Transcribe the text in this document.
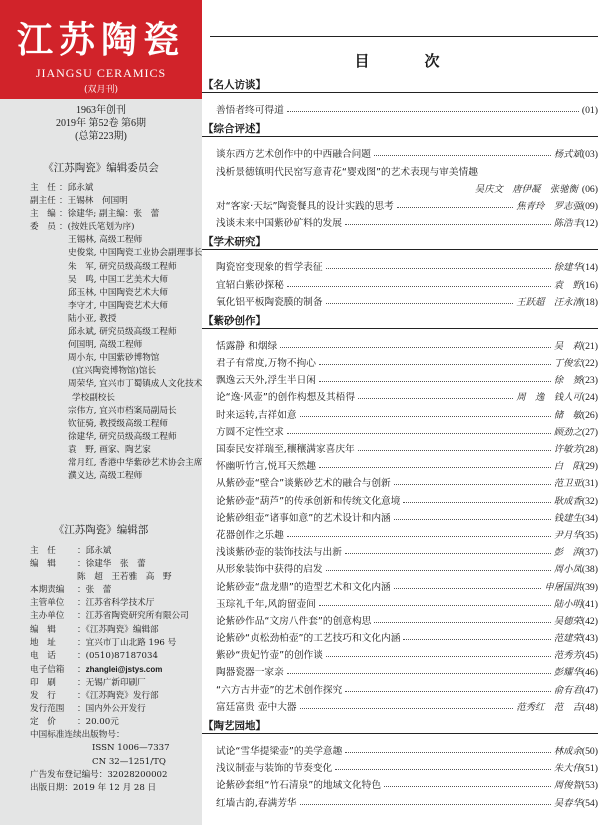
江苏陶瓷
JIANGSU CERAMICS
(双月刊)
1963年创刊
2019年 第52卷 第6期
(总第223期)
《江苏陶瓷》编辑委员会
主　任 ：邱永斌
副主任 ：王锡林　何国明
主　编 ：徐建华; 副主编：张　蕾
委　员 ：(按姓氏笔划为序)
王锡林, 高级工程师
史俊棠, 中国陶瓷工业协会副理事长
朱　军, 研究员级高级工程师
吴　鸣, 中国工艺美术大师
邱玉林, 中国陶瓷艺术大师
李守才, 中国陶瓷艺术大师
陆小亚, 教授
邱永斌, 研究员级高级工程师
何国明, 高级工程师
周小东, 中国紫砂博物馆
(宜兴陶瓷博物馆)馆长
周荣华, 宜兴市丁蜀镇成人文化技术
学校副校长
宗伟方, 宜兴市档案局副局长
钦征骑, 教授级高级工程师
徐建华, 研究员级高级工程师
袁　野, 画家、陶艺家
常月红, 香港中华紫砂艺术协会主席
濮义达, 高级工程师
《江苏陶瓷》编辑部
主　任 ：邱永斌
编　辑 ：徐建华　张　蕾
陈　超　王若雅　高　野
本期责编 ：张　蕾
主管单位 ：江苏省科学技术厅
主办单位 ：江苏省陶瓷研究所有限公司
编　辑 ：《江苏陶瓷》编辑部
地　址 ：宜兴市丁山北路 196 号
电　话 ：(0510)87187034
电子信箱 ：zhanglei@jstys.com
印　刷 ：无锡广新印刷厂
发　行 ：《江苏陶瓷》发行部
发行范围 ：国内外公开发行
定　价 ：20.00元
中国标准连续出版物号：
ISSN 1006—7337
CN 32—1251/TQ
广告发布登记编号：32028200002
出版日期：2019 年 12 月 28 日
目　次
【名人访谈】
善悟者终可得道	(01)
【综合评述】
谈东西方艺术创作中的中西融合问题	杨式斌 (03)
浅析景德镇明代民窑写意青花“婴戏图”的艺术表现与审美情趣
吴庆文　唐伊凝　张驰衡 (06)
对“客家·天坛”陶瓷餐具的设计实践的思考	焦青玲　罗志强 (09)
浅谈未来中国紫砂矿料的发展	陈浩丰 (12)
【学术研究】
陶瓷窑变现象的哲学表征	徐建华 (14)
宜轺白紫砂探秘	袁　野 (16)
氧化铝平板陶瓷膜的制备	王跃超　汪永清 (18)
【紫砂创作】
恬露静 和烟绿	吴　莉 (21)
君子有常度,万物不拘心	丁俊宏 (22)
飘逸云天外,浮生半日闲	徐　赟 (23)
论“逸·风壶”的创作构想及其梧得	周　逸　钱人可 (24)
时来运转,吉祥如意	储　敏 (26)
方圆不定性空求	顾劲之 (27)
国泰民安祥瑞至,穰穰满家喜庆年	许敏芳 (28)
怀幽听竹言,悦耳天然趣	白　阳 (29)
从紫砂壶“壁合”谈紫砂艺术的融合与创新	范卫亚 (31)
论紫砂壶“葫芦”的传承创新和传统文化意境	耿成香 (32)
论紫砂组壶“诸事如意”的艺术设计和内涵	钱建生 (34)
花器创作之乐趣	尹月华 (35)
浅谈紫砂壶的装饰技法与出新	彭　湃 (37)
从形象装饰中获得的启发	周小凤 (38)
论紫砂壶“盘龙鼎”的造型艺术和文化内涵	申屠国洪 (39)
玉琮礼千年,风韵留壶间	陆小明 (41)
论紫砂作品“文房八件套”的创意构思	吴德荣 (42)
论紫砂“贞松劲柏壶”的工艺技巧和文化内涵	范建荣 (43)
紫砂“贵妃竹壶”的创作谈	范秀芳 (45)
陶器瓷器一家亲	彭耀华 (46)
“六方古井壶”的艺术创作探究	俞有君 (47)
富廷富贵 壶中大器	范秀红　范　吉 (48)
【陶艺园地】
试论“雪华提梁壶”的美学意趣	林成余 (50)
浅议制壶与装饰的节奏变化	朱大伟 (51)
论紫砂套组“竹石清泉”的地域文化特色	周俊智 (53)
红墙古韵,春满芳华	吴春华 (54)
